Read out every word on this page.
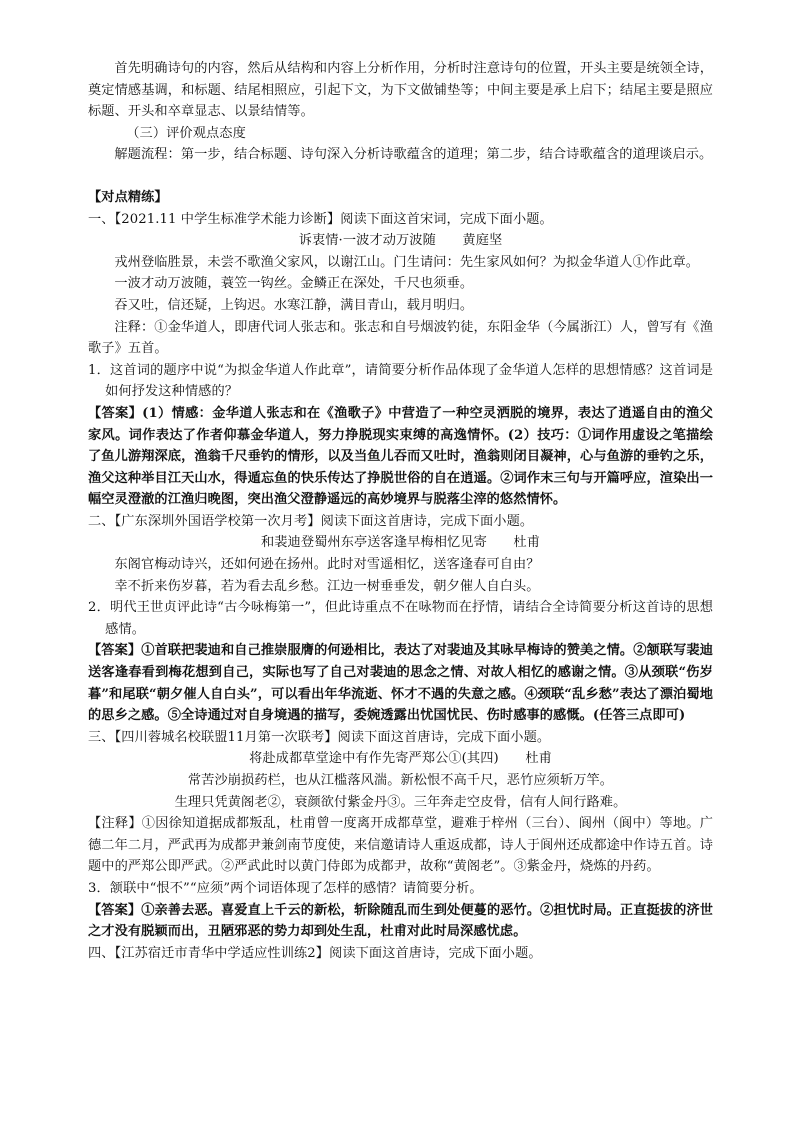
首先明确诗句的内容，然后从结构和内容上分析作用，分析时注意诗句的位置，开头主要是统领全诗，奠定情感基调，和标题、结尾相照应，引起下文，为下文做铺垫等；中间主要是承上启下；结尾主要是照应标题、开头和卒章显志、以景结情等。

（三）评价观点态度

解题流程：第一步，结合标题、诗句深入分析诗歌蕴含的道理；第二步，结合诗歌蕴含的道理谈启示。

【对点精练】

一、【2021.11 中学生标准学术能力诊断】阅读下面这首宋词，完成下面小题。

诉衷情·一波才动万波随　　黄庭坚

戎州登临胜景，未尝不歌渔父家风，以谢江山。门生请问：先生家风如何？为拟金华道人①作此章。

一波才动万波随，蓑笠一钩丝。金鳞正在深处，千尺也须垂。

吞又吐，信还疑，上钩迟。水寒江静，满目青山，载月明归。

注释：①金华道人，即唐代词人张志和。张志和自号烟波钓徒，东阳金华（今属浙江）人，曾写有《渔歌子》五首。

1．这首词的题序中说“为拟金华道人作此章”，请简要分析作品体现了金华道人怎样的思想情感？这首词是如何抒发这种情感的？

【答案】(1）情感：金华道人张志和在《渔歌子》中营造了一种空灵洒脱的境界，表达了逍遥自由的渔父家风。词作表达了作者仰慕金华道人，努力挣脱现实束缚的高逸情怀。(2）技巧：①词作用虚设之笔描绘了鱼儿游翔深底，渔翁千尺垂钓的情形，以及当鱼儿吞而又吐时，渔翁则闭目凝神，心与鱼游的垂钓之乐，渔父这种举目江天山水，得遁忘鱼的快乐传达了挣脱世俗的自在逍遥。②词作末三句与开篇呼应，渲染出一幅空灵澄澈的江渔归晚图，突出渔父澄静遥远的高妙境界与脱落尘滓的悠然情怀。

二、【广东深圳外国语学校第一次月考】阅读下面这首唐诗，完成下面小题。

和裴迪登蜀州东亭送客逢早梅相忆见寄　　杜甫

东阁官梅动诗兴，还如何逊在扬州。此时对雪遥相忆，送客逢春可自由？

幸不折来伤岁暮，若为看去乱乡愁。江边一树垂垂发，朝夕催人自白头。

2．明代王世贞评此诗“古今咏梅第一”，但此诗重点不在咏物而在抒情，请结合全诗简要分析这首诗的思想感情。

【答案】①首联把裴迪和自己推崇服膺的何逊相比，表达了对裴迪及其咏早梅诗的赞美之情。②颔联写裴迪送客逢春看到梅花想到自己，实际也写了自己对裴迪的思念之情、对故人相忆的感谢之情。③从颈联“伤岁暮”和尾联“朝夕催人自白头”，可以看出年华流逝、怀才不遇的失意之感。④颈联“乱乡愁”表达了漂泊蜀地的思乡之感。⑤全诗通过对自身境遇的描写，委婉透露出忧国忧民、伤时感事的感慨。(任答三点即可)

三、【四川蓉城名校联盟11月第一次联考】阅读下面这首唐诗，完成下面小题。

将赴成都草堂途中有作先寄严郑公①(其四)　　杜甫

常苦沙崩损药栏，也从江槛落风湍。新松恨不高千尺，恶竹应须斩万竿。

生理只凭黄阁老②，衰颜欲付紫金丹③。三年奔走空皮骨，信有人间行路难。

【注释】①因徐知道据成都叛乱，杜甫曾一度离开成都草堂，避难于梓州（三台）、阆州（阆中）等地。广德二年二月，严武再为成都尹兼剑南节度使，来信邀请诗人重返成都，诗人于阆州还成都途中作诗五首。诗题中的严郑公即严武。②严武此时以黄门侍郎为成都尹，故称“黄阁老”。③紫金丹，烧炼的丹药。

3．颔联中“恨不”“应须”两个词语体现了怎样的感情？请简要分析。

【答案】①亲善去恶。喜爱直上千云的新松，斩除随乱而生到处便蔓的恶竹。②担忧时局。正直挺拔的济世之才没有脱颖而出，丑陋邪恶的势力却到处生乱，杜甫对此时局深感忧虑。

四、【江苏宿迁市青华中学适应性训练2】阅读下面这首唐诗，完成下面小题。
